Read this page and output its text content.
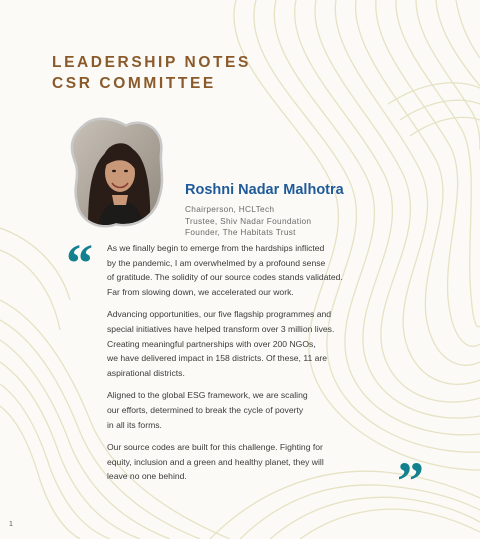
LEADERSHIP NOTES
CSR COMMITTEE
Roshni Nadar Malhotra
Chairperson, HCLTech
Trustee, Shiv Nadar Foundation
Founder, The Habitats Trust
“ As we finally begin to emerge from the hardships inflicted
by the pandemic, I am overwhelmed by a profound sense
of gratitude. The solidity of our source codes stands validated.
Far from slowing down, we accelerated our work.

Advancing opportunities, our five flagship programmes and
special initiatives have helped transform over 3 million lives.
Creating meaningful partnerships with over 200 NGOs,
we have delivered impact in 158 districts. Of these, 11 are
aspirational districts.

Aligned to the global ESG framework, we are scaling
our efforts, determined to break the cycle of poverty
in all its forms.

Our source codes are built for this challenge. Fighting for
equity, inclusion and a green and healthy planet, they will
leave no one behind.	”
1
